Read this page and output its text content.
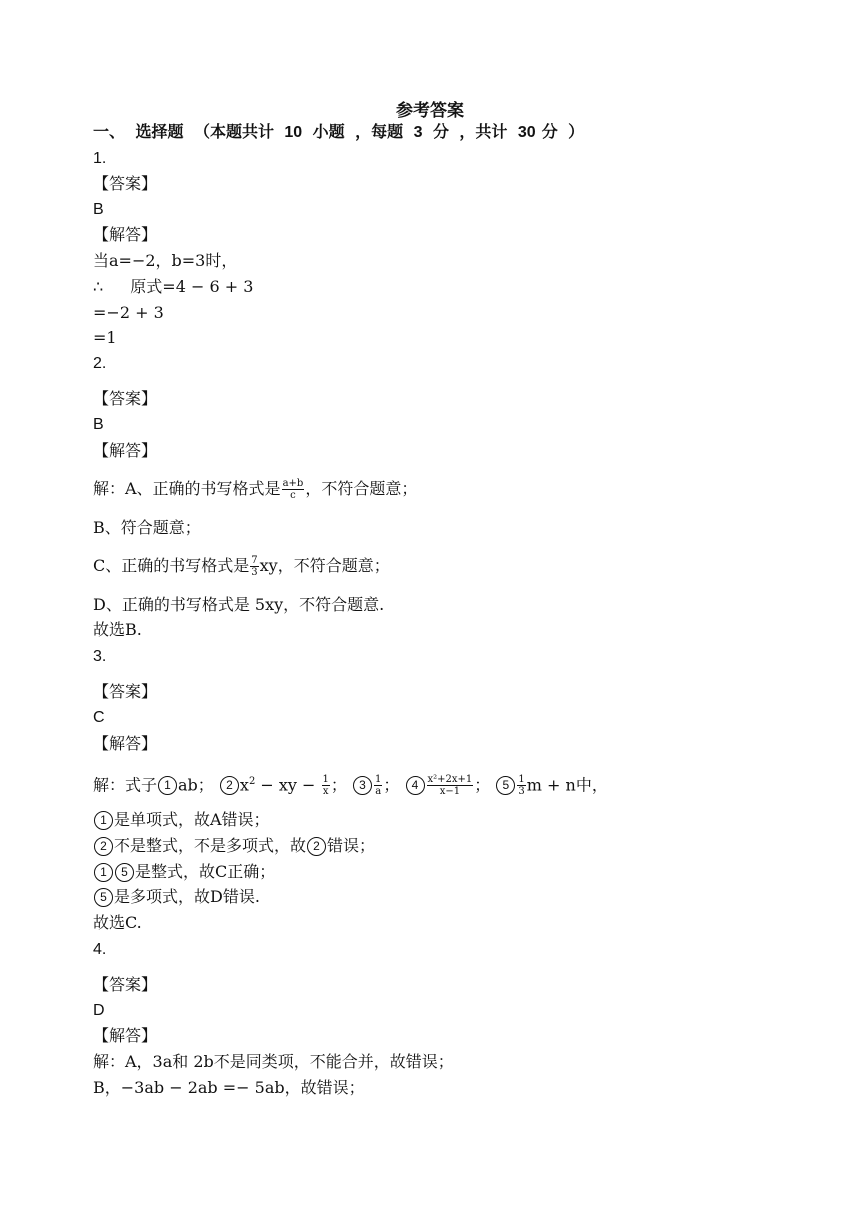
参考答案
一、 选择题 （本题共计 10 小题 ，每题 3 分 ，共计 30 分 ）
1.
【答案】
B
【解答】
当a=−2，b=3时，
∴ 原式=4 − 6 + 3
=−2 + 3
=1
2.
【答案】
B
【解答】
解：A、正确的书写格式是 $\frac{a+b}{c}$ ，不符合题意；
B、符合题意；
C、正确的书写格式是 $\frac{7}{3}$ xy，不符合题意；
D、正确的书写格式是 5xy，不符合题意.
故选B.
3.
【答案】
C
【解答】
解：式子 1 ab； 2 $x^2$ − xy − $\frac{1}{x}$ ； $3 \frac{1}{a}$ ； $4 \frac{\text{x²+2x+1}}{x-1}$ ； $5 \frac{1}{3}$ m + n中，
1 是单项式，故A错误；
2 不是整式，不是多项式，故 2 错误；
1 5 是整式，故C正确；
5 是多项式，故D错误.
故选C.
4.
【答案】
D
【解答】
解：A，3a和 2b不是同类项，不能合并，故错误；
B，−3ab − 2ab =− 5ab，故错误；
